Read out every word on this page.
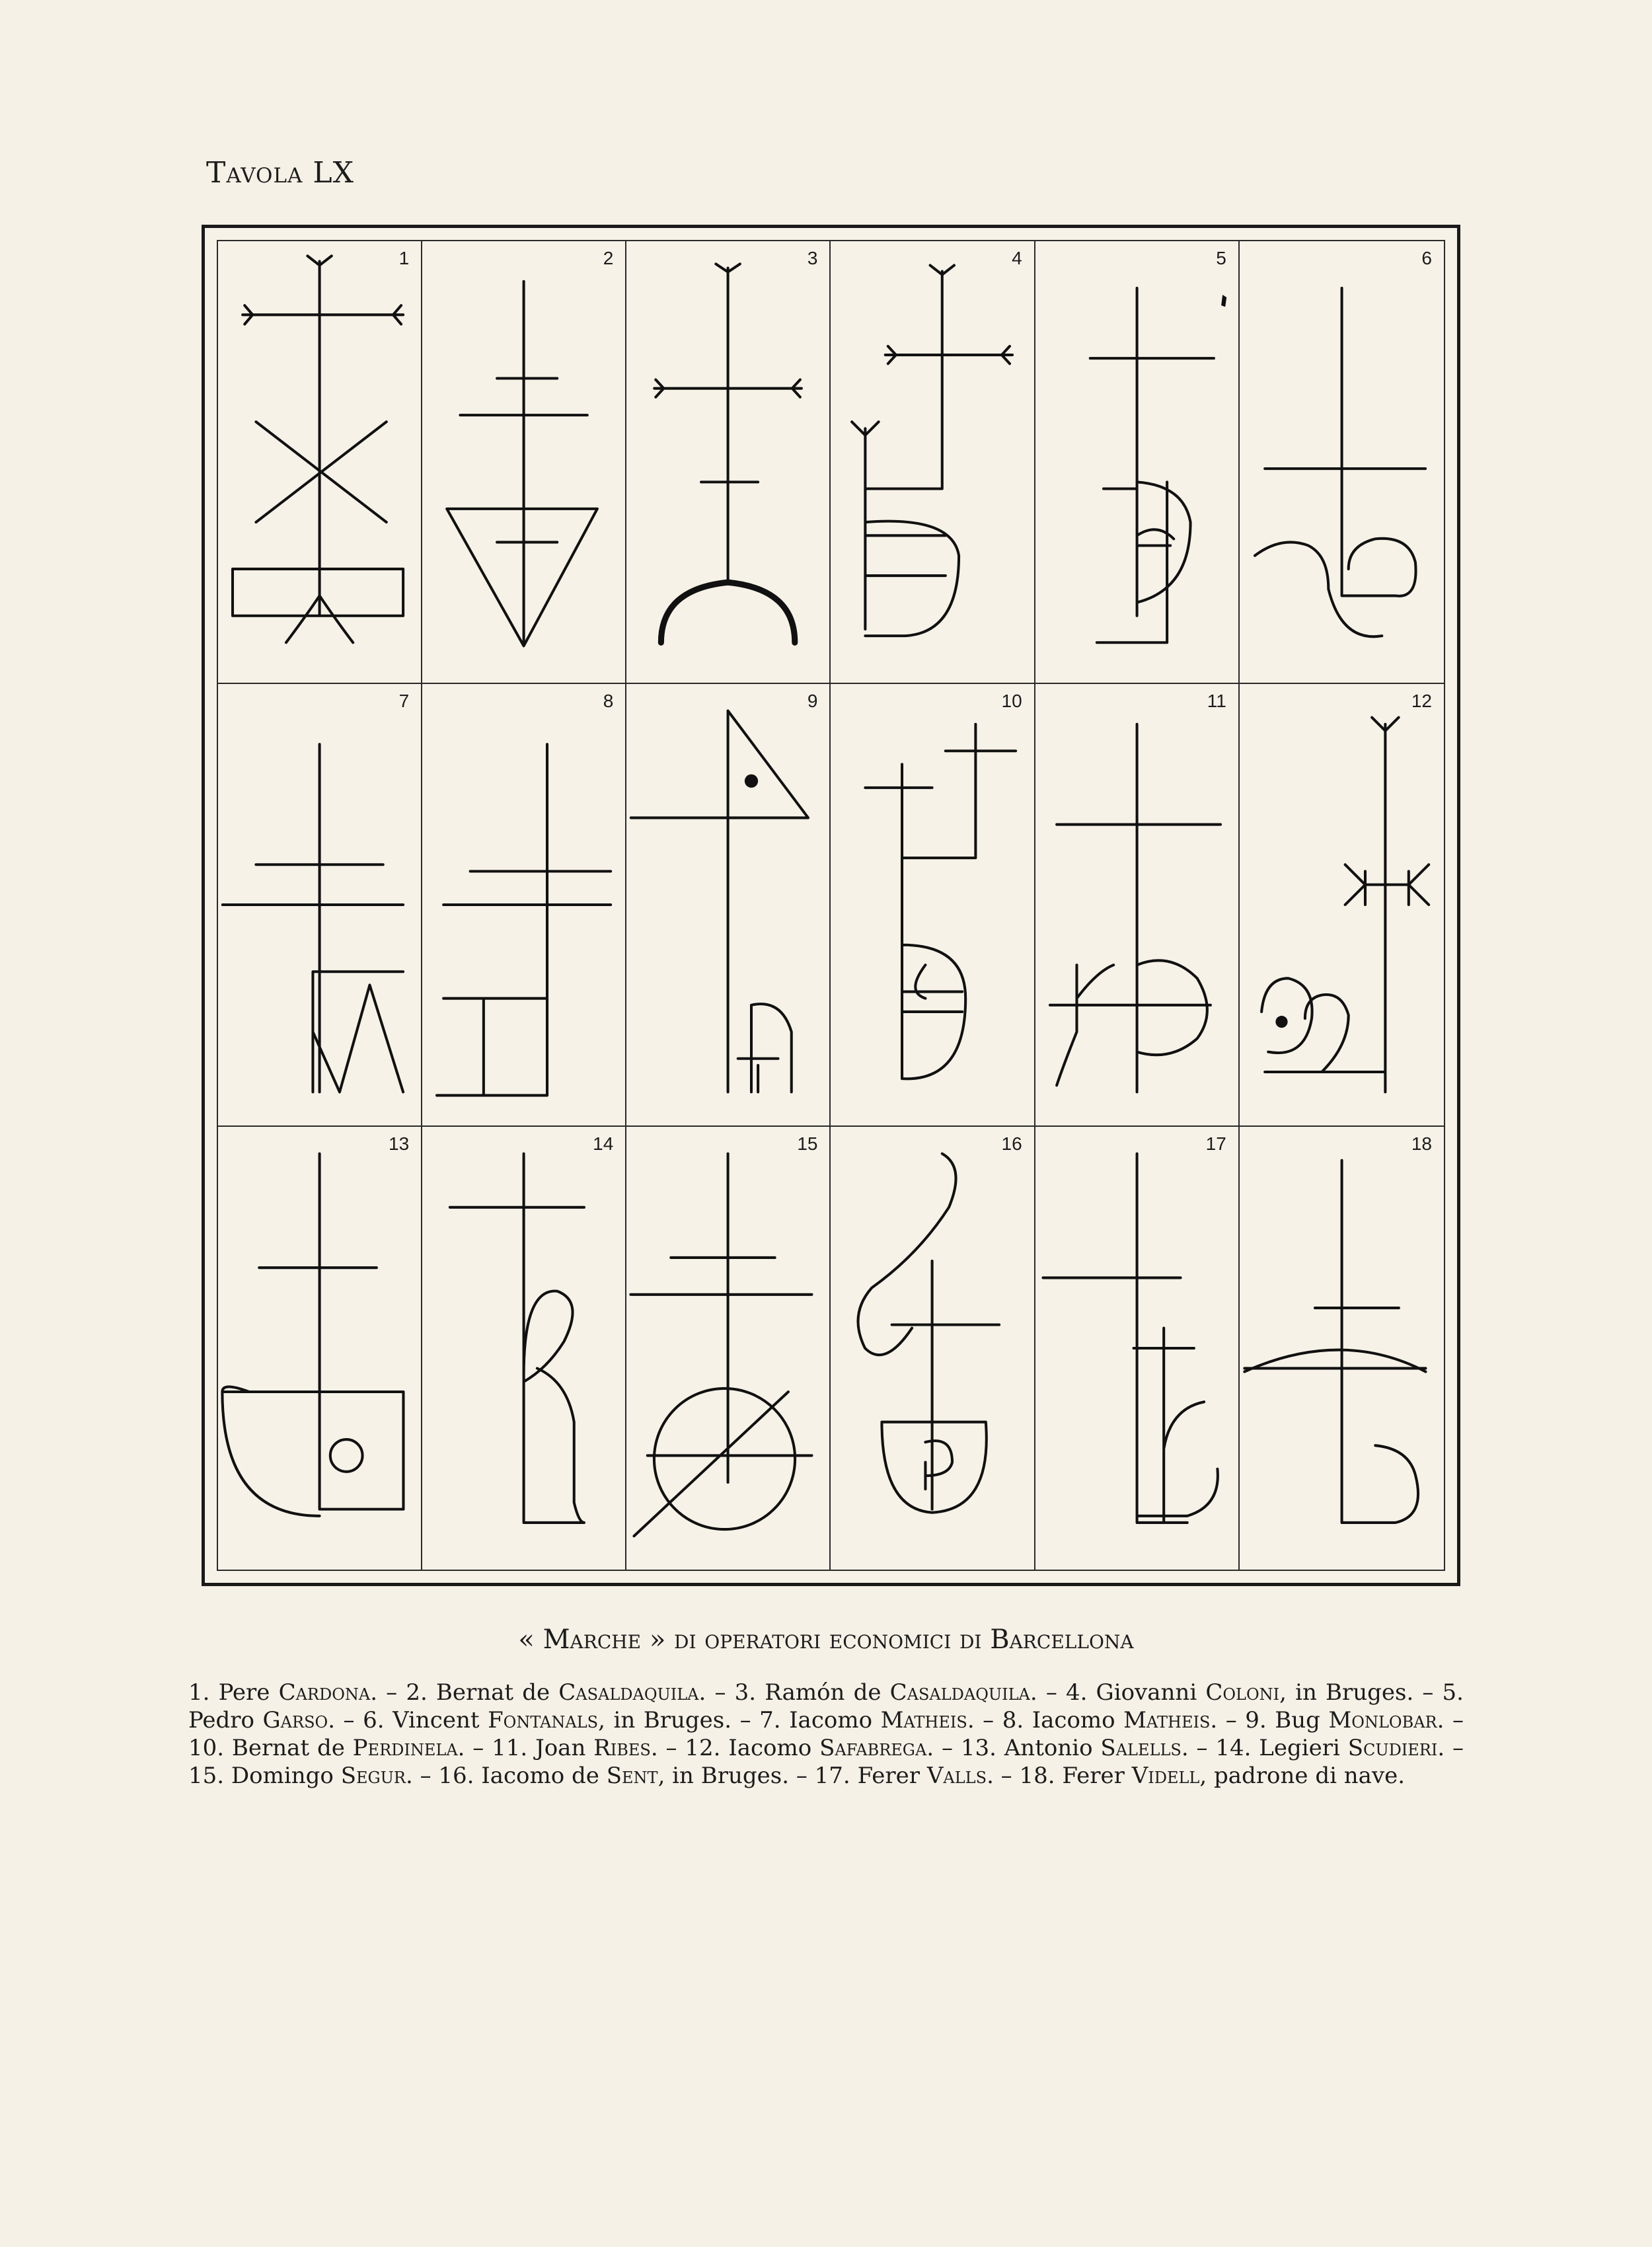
Tavola LX
1	2	3	4	5	6
7	8	9	10	11	12
13	14	15	16	17	18
« Marche » di operatori economici di Barcellona

1. Pere Cardona. – 2. Bernat de Casaldaquila. – 3. Ramón de Casaldaquila. – 4. Giovanni Coloni, in Bruges. – 5. Pedro Garso. – 6. Vincent Fontanals, in Bruges. – 7. Iacomo Matheis. – 8. Iacomo Matheis. – 9. Bug Monlobar. – 10. Bernat de Perdinela. – 11. Joan Ribes. – 12. Iacomo Safabrega. – 13. Antonio Salells. – 14. Legieri Scudieri. – 15. Domingo Segur. – 16. Iacomo de Sent, in Bruges. – 17. Ferer Valls. – 18. Ferer Videll, padrone di nave.
